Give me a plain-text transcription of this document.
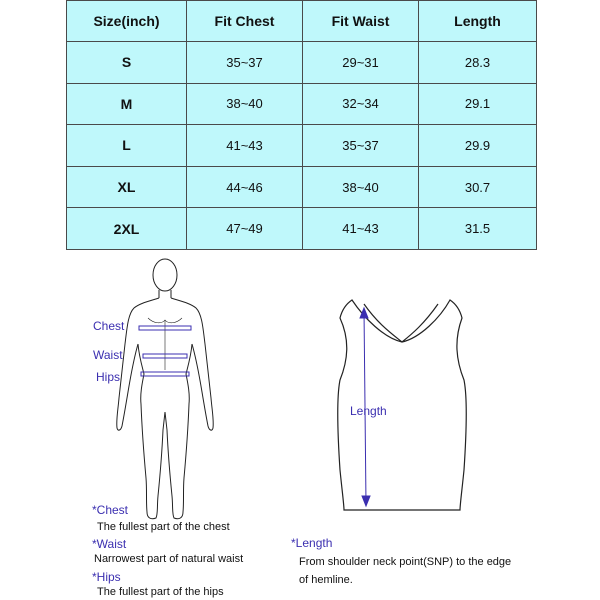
Size(inch)	Fit Chest	Fit Waist	Length
S	35~37	29~31	28.3
M	38~40	32~34	29.1
L	41~43	35~37	29.9
XL	44~46	38~40	30.7
2XL	47~49	41~43	31.5
Chest
Waist
Hips
Length
*Chest
The fullest part of the chest
*Waist
Narrowest part of natural waist
*Hips
The fullest part of the hips
*Length
From shoulder neck point(SNP) to the edge
of hemline.
